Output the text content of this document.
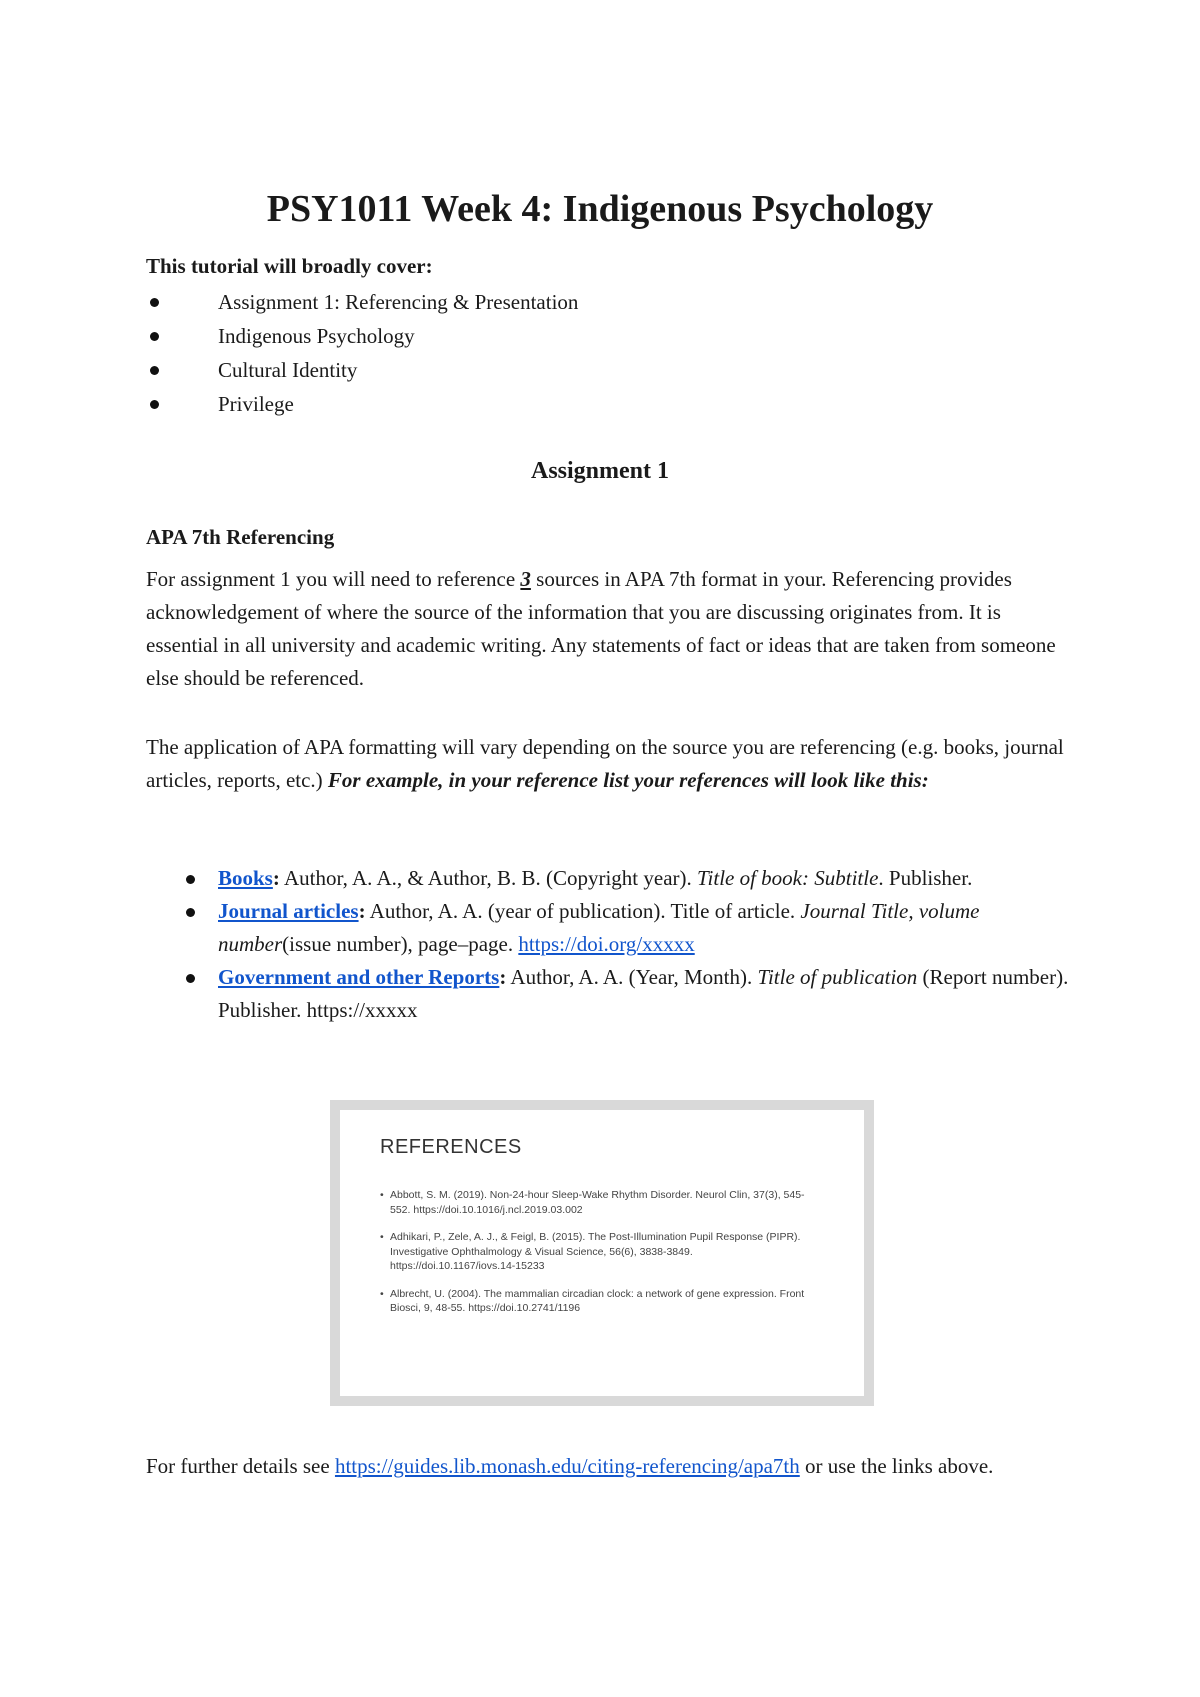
PSY1011 Week 4: Indigenous Psychology
This tutorial will broadly cover:
Assignment 1: Referencing & Presentation
Indigenous Psychology
Cultural Identity
Privilege
Assignment 1
APA 7th Referencing
For assignment 1 you will need to reference 3 sources in APA 7th format in your. Referencing provides acknowledgement of where the source of the information that you are discussing originates from. It is essential in all university and academic writing. Any statements of fact or ideas that are taken from someone else should be referenced.
The application of APA formatting will vary depending on the source you are referencing (e.g. books, journal articles, reports, etc.) For example, in your reference list your references will look like this:
Books: Author, A. A., & Author, B. B. (Copyright year). Title of book: Subtitle. Publisher.
Journal articles: Author, A. A. (year of publication). Title of article. Journal Title, volume number(issue number), page–page. https://doi.org/xxxxx
Government and other Reports: Author, A. A. (Year, Month). Title of publication (Report number). Publisher. https://xxxxx
REFERENCES
• Abbott, S. M. (2019). Non-24-hour Sleep-Wake Rhythm Disorder. Neurol Clin, 37(3), 545-552. https://doi.10.1016/j.ncl.2019.03.002
• Adhikari, P., Zele, A. J., & Feigl, B. (2015). The Post-Illumination Pupil Response (PIPR). Investigative Ophthalmology & Visual Science, 56(6), 3838-3849. https://doi.10.1167/iovs.14-15233
• Albrecht, U. (2004). The mammalian circadian clock: a network of gene expression. Front Biosci, 9, 48-55. https://doi.10.2741/1196
For further details see https://guides.lib.monash.edu/citing-referencing/apa7th or use the links above.
